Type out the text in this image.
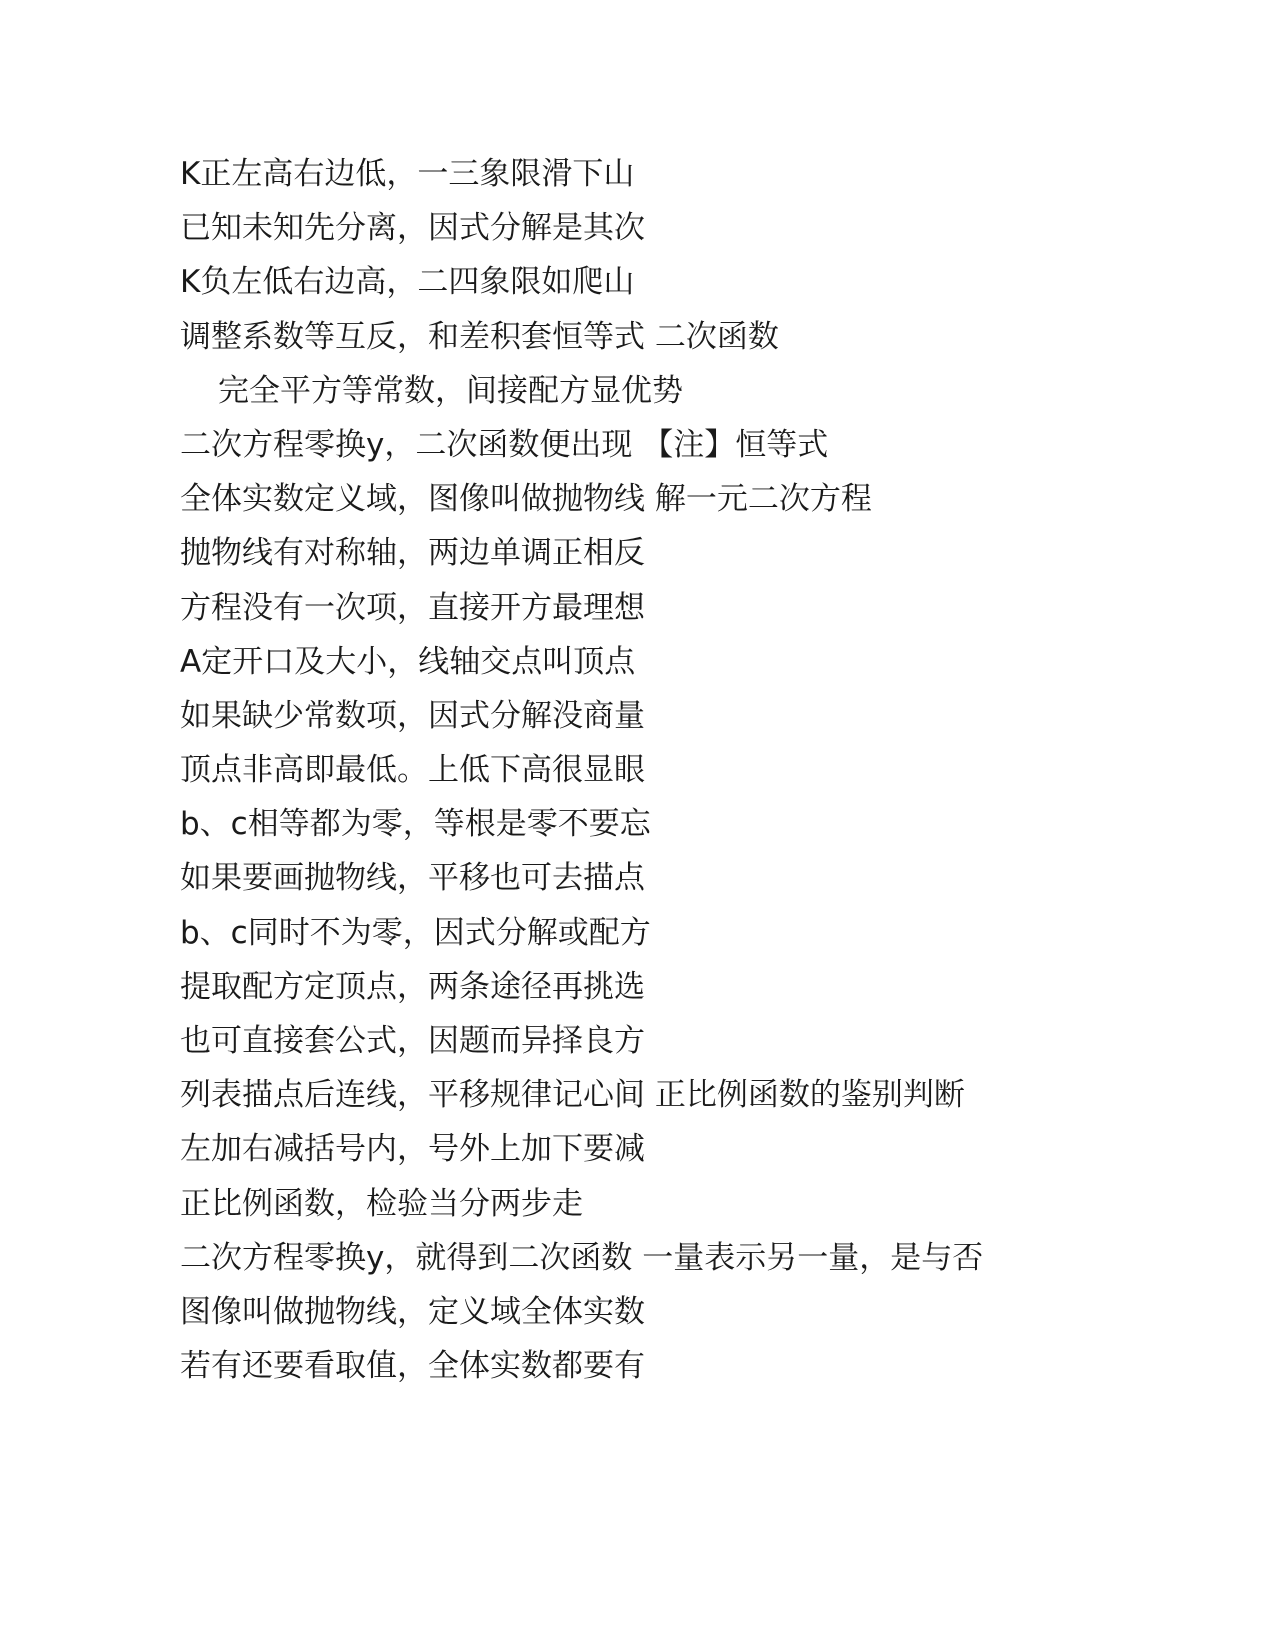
K正左高右边低，一三象限滑下山
已知未知先分离，因式分解是其次
K负左低右边高，二四象限如爬山
调整系数等互反，和差积套恒等式 二次函数
完全平方等常数，间接配方显优势
二次方程零换y，二次函数便出现 【注】恒等式
全体实数定义域，图像叫做抛物线 解一元二次方程
抛物线有对称轴，两边单调正相反
方程没有一次项，直接开方最理想
A定开口及大小，线轴交点叫顶点
如果缺少常数项，因式分解没商量
顶点非高即最低。上低下高很显眼
b、c相等都为零，等根是零不要忘
如果要画抛物线，平移也可去描点
b、c同时不为零，因式分解或配方
提取配方定顶点，两条途径再挑选
也可直接套公式，因题而异择良方
列表描点后连线，平移规律记心间 正比例函数的鉴别判断
左加右减括号内，号外上加下要减
正比例函数，检验当分两步走
二次方程零换y，就得到二次函数 一量表示另一量，是与否
图像叫做抛物线，定义域全体实数
若有还要看取值，全体实数都要有
